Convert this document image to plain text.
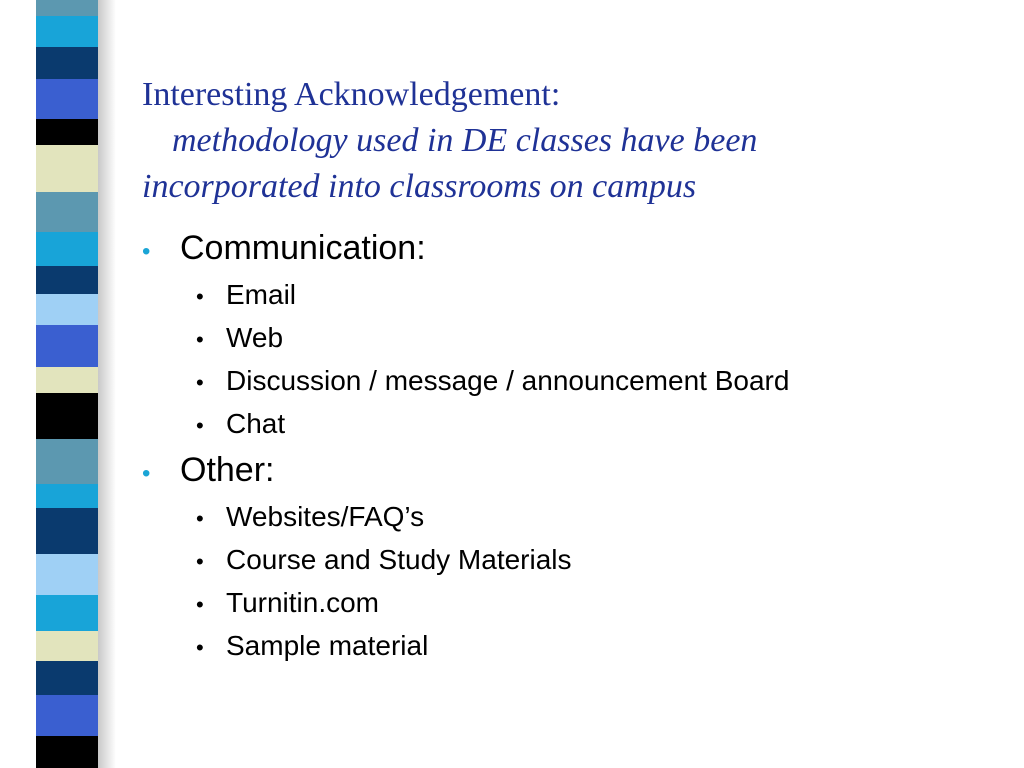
Interesting Acknowledgement:
methodology used in DE classes have been
incorporated into classrooms on campus
• Communication:
• Email
• Web
• Discussion / message / announcement Board
• Chat
• Other:
• Websites/FAQ’s
• Course and Study Materials
• Turnitin.com
• Sample material
